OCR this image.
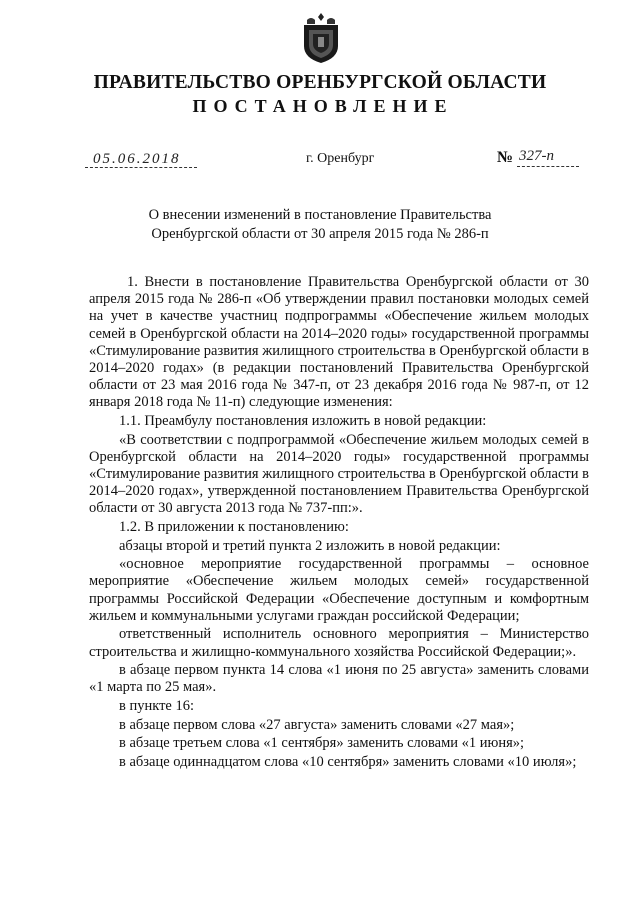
ПРАВИТЕЛЬСТВО ОРЕНБУРГСКОЙ ОБЛАСТИ
ПОСТАНОВЛЕНИЕ
05.06.2018	г. Оренбург	№ 327-п
О внесении изменений в постановление Правительства
Оренбургской области от 30 апреля 2015 года № 286-п

1. Внести в постановление Правительства Оренбургской области от 30 апреля 2015 года № 286-п «Об утверждении правил постановки молодых семей на учет в качестве участниц подпрограммы «Обеспечение жильем молодых семей в Оренбургской области на 2014–2020 годы» государственной программы «Стимулирование развития жилищного строительства в Оренбургской области в 2014–2020 годах» (в редакции постановлений Правительства Оренбургской области от 23 мая 2016 года № 347-п, от 23 декабря 2016 года № 987-п, от 12 января 2018 года № 11-п) следующие изменения:

1.1. Преамбулу постановления изложить в новой редакции:

«В соответствии с подпрограммой «Обеспечение жильем молодых семей в Оренбургской области на 2014–2020 годы» государственной программы «Стимулирование развития жилищного строительства в Оренбургской области в 2014–2020 годах», утвержденной постановлением Правительства Оренбургской области от 30 августа 2013 года № 737-пп:».

1.2. В приложении к постановлению:

абзацы второй и третий пункта 2 изложить в новой редакции:

«основное мероприятие государственной программы – основное мероприятие «Обеспечение жильем молодых семей» государственной программы Российской Федерации «Обеспечение доступным и комфортным жильем и коммунальными услугами граждан российской Федерации;

ответственный исполнитель основного мероприятия – Министерство строительства и жилищно-коммунального хозяйства Российской Федерации;».

в абзаце первом пункта 14 слова «1 июня по 25 августа» заменить словами «1 марта по 25 мая».

в пункте 16:

в абзаце первом слова «27 августа» заменить словами «27 мая»;

в абзаце третьем слова «1 сентября» заменить словами «1 июня»;

в абзаце одиннадцатом слова «10 сентября» заменить словами «10 июля»;
